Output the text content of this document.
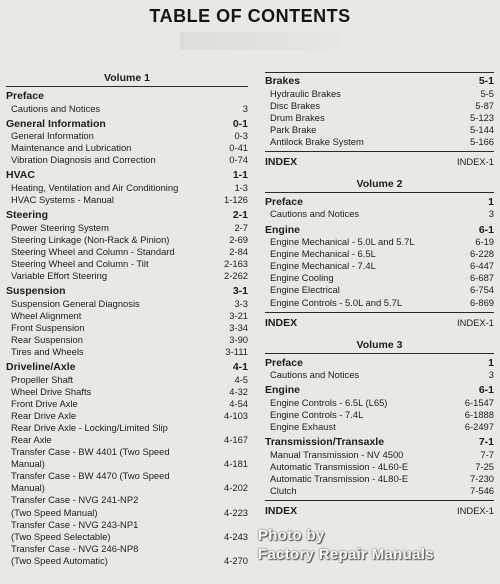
TABLE OF CONTENTS
Volume 1
Preface
Cautions and Notices	3
General Information	0-1
General Information	0-3
Maintenance and Lubrication	0-41
Vibration Diagnosis and Correction	0-74
HVAC	1-1
Heating, Ventilation and Air Conditioning	1-3
HVAC Systems - Manual	1-126
Steering	2-1
Power Steering System	2-7
Steering Linkage (Non-Rack & Pinion)	2-69
Steering Wheel and Column - Standard	2-84
Steering Wheel and Column - Tilt	2-163
Variable Effort Steering	2-262
Suspension	3-1
Suspension General Diagnosis	3-3
Wheel Alignment	3-21
Front Suspension	3-34
Rear Suspension	3-90
Tires and Wheels	3-111
Driveline/Axle	4-1
Propeller Shaft	4-5
Wheel Drive Shafts	4-32
Front Drive Axle	4-54
Rear Drive Axle	4-103
Rear Drive Axle - Locking/Limited Slip
Rear Axle	4-167
Transfer Case - BW 4401 (Two Speed
Manual)	4-181
Transfer Case - BW 4470 (Two Speed
Manual)	4-202
Transfer Case - NVG 241-NP2
(Two Speed Manual)	4-223
Transfer Case - NVG 243-NP1
(Two Speed Selectable)	4-243
Transfer Case - NVG 246-NP8
(Two Speed Automatic)	4-270
Brakes	5-1
Hydraulic Brakes	5-5
Disc Brakes	5-87
Drum Brakes	5-123
Park Brake	5-144
Antilock Brake System	5-166
INDEX	INDEX-1
Volume 2
Preface	1
Cautions and Notices	3
Engine	6-1
Engine Mechanical - 5.0L and 5.7L	6-19
Engine Mechanical - 6.5L	6-228
Engine Mechanical - 7.4L	6-447
Engine Cooling	6-687
Engine Electrical	6-754
Engine Controls - 5.0L and 5.7L	6-869
INDEX	INDEX-1
Volume 3
Preface	1
Cautions and Notices	3
Engine	6-1
Engine Controls - 6.5L (L65)	6-1547
Engine Controls - 7.4L	6-1888
Engine Exhaust	6-2497
Transmission/Transaxle	7-1
Manual Transmission - NV 4500	7-7
Automatic Transmission - 4L60-E	7-25
Automatic Transmission - 4L80-E	7-230
Clutch	7-546
INDEX	INDEX-1
Photo by
Factory Repair Manuals
